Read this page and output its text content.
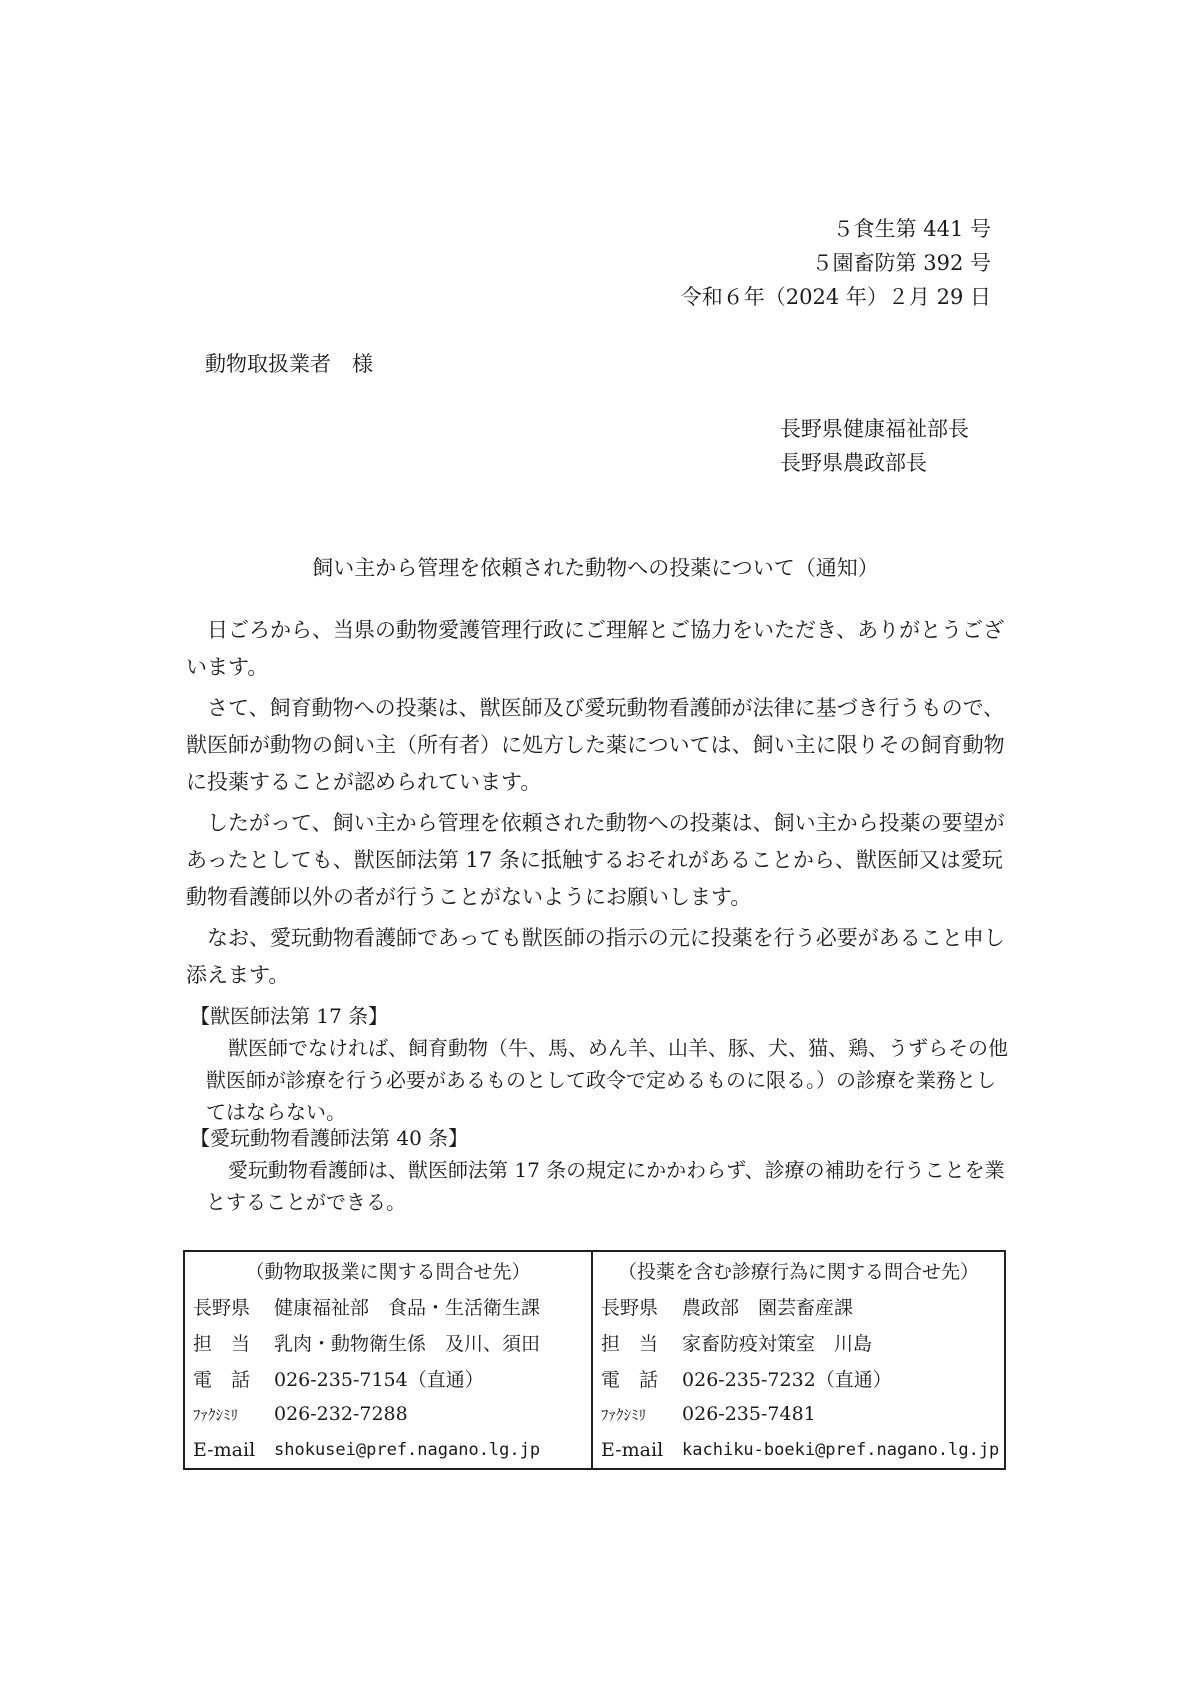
５食生第 441 号
５園畜防第 392 号
令和６年（2024 年）２月 29 日
動物取扱業者　様
長野県健康福祉部長
長野県農政部長
飼い主から管理を依頼された動物への投薬について（通知）

日ごろから、当県の動物愛護管理行政にご理解とご協力をいただき、ありがとうございます。

さて、飼育動物への投薬は、獣医師及び愛玩動物看護師が法律に基づき行うもので、獣医師が動物の飼い主（所有者）に処方した薬については、飼い主に限りその飼育動物に投薬することが認められています。

したがって、飼い主から管理を依頼された動物への投薬は、飼い主から投薬の要望があったとしても、獣医師法第 17 条に抵触するおそれがあることから、獣医師又は愛玩動物看護師以外の者が行うことがないようにお願いします。

なお、愛玩動物看護師であっても獣医師の指示の元に投薬を行う必要があること申し添えます。

【獣医師法第 17 条】
獣医師でなければ、飼育動物（牛、馬、めん羊、山羊、豚、犬、猫、鶏、うずらその他獣医師が診療を行う必要があるものとして政令で定めるものに限る。）の診療を業務としてはならない。
【愛玩動物看護師法第 40 条】
愛玩動物看護師は、獣医師法第 17 条の規定にかかわらず、診療の補助を行うことを業とすることができる。
（動物取扱業に関する問合せ先）		（投薬を含む診療行為に関する問合せ先）	
長野県	健康福祉部　食品・生活衛生課	長野県	農政部　園芸畜産課
担　当	乳肉・動物衛生係　及川、須田	担　当	家畜防疫対策室　川島
電　話	026-235-7154（直通）	電　話	026-235-7232（直通）
ﾌｧｸｼﾐﾘ	026-232-7288	ﾌｧｸｼﾐﾘ	026-235-7481
E-mail	shokusei@pref.nagano.lg.jp	E-mail	kachiku-boeki@pref.nagano.lg.jp
